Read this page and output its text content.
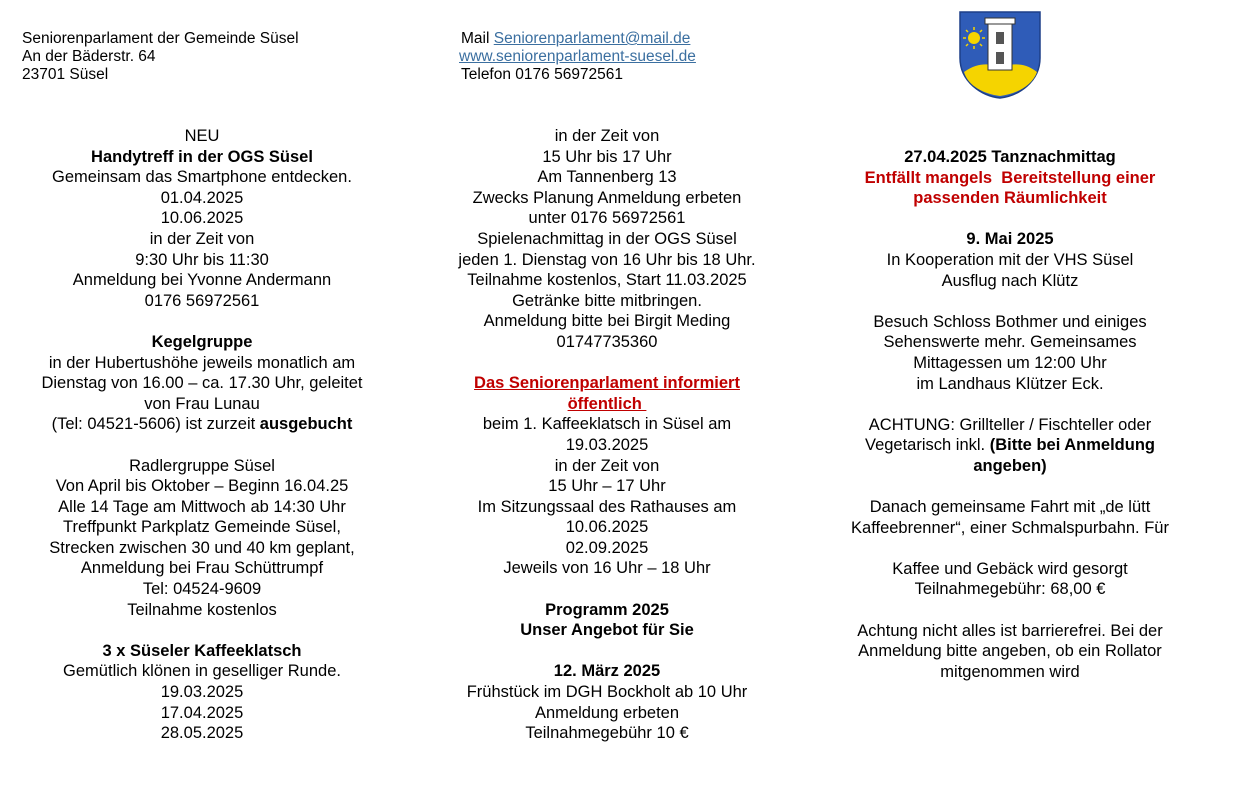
Seniorenparlament der Gemeinde Süsel
An der Bäderstr. 64
23701 Süsel
Mail Seniorenparlament@mail.de
www.seniorenparlament-suesel.de
Telefon 0176 56972561
NEU
Handytreff in der OGS Süsel
Gemeinsam das Smartphone entdecken.
01.04.2025
10.06.2025
in der Zeit von
9:30 Uhr bis 11:30
Anmeldung bei Yvonne Andermann
0176 56972561
Kegelgruppe
in der Hubertushöhe jeweils monatlich am
Dienstag von 16.00 – ca. 17.30 Uhr, geleitet
von Frau Lunau
(Tel: 04521-5606) ist zurzeit ausgebucht
Radlergruppe Süsel
Von April bis Oktober – Beginn 16.04.25
Alle 14 Tage am Mittwoch ab 14:30 Uhr
Treffpunkt Parkplatz Gemeinde Süsel,
Strecken zwischen 30 und 40 km geplant,
Anmeldung bei Frau Schüttrumpf
Tel: 04524-9609
Teilnahme kostenlos
3 x Süseler Kaffeeklatsch
Gemütlich klönen in geselliger Runde.
19.03.2025
17.04.2025
28.05.2025
in der Zeit von
15 Uhr bis 17 Uhr
Am Tannenberg 13
Zwecks Planung Anmeldung erbeten
unter 0176 56972561
Spielenachmittag in der OGS Süsel
jeden 1. Dienstag von 16 Uhr bis 18 Uhr.
Teilnahme kostenlos, Start 11.03.2025
Getränke bitte mitbringen.
Anmeldung bitte bei Birgit Meding
01747735360
Das Seniorenparlament informiert
öffentlich
beim 1. Kaffeeklatsch in Süsel am
19.03.2025
in der Zeit von
15 Uhr – 17 Uhr
Im Sitzungssaal des Rathauses am
10.06.2025
02.09.2025
Jeweils von 16 Uhr – 18 Uhr
Programm 2025
Unser Angebot für Sie
12. März 2025
Frühstück im DGH Bockholt ab 10 Uhr
Anmeldung erbeten
Teilnahmegebühr 10 €
27.04.2025 Tanznachmittag
Entfällt mangels  Bereitstellung einer
passenden Räumlichkeit
9. Mai 2025
In Kooperation mit der VHS Süsel
Ausflug nach Klütz
Besuch Schloss Bothmer und einiges
Sehenswerte mehr. Gemeinsames
Mittagessen um 12:00 Uhr
im Landhaus Klützer Eck.
ACHTUNG: Grillteller / Fischteller oder
Vegetarisch inkl. (Bitte bei Anmeldung
angeben)
Danach gemeinsame Fahrt mit „de lütt
Kaffeebrenner“, einer Schmalspurbahn. Für
Kaffee und Gebäck wird gesorgt
Teilnahmegebühr: 68,00 €
Achtung nicht alles ist barrierefrei. Bei der
Anmeldung bitte angeben, ob ein Rollator
mitgenommen wird
